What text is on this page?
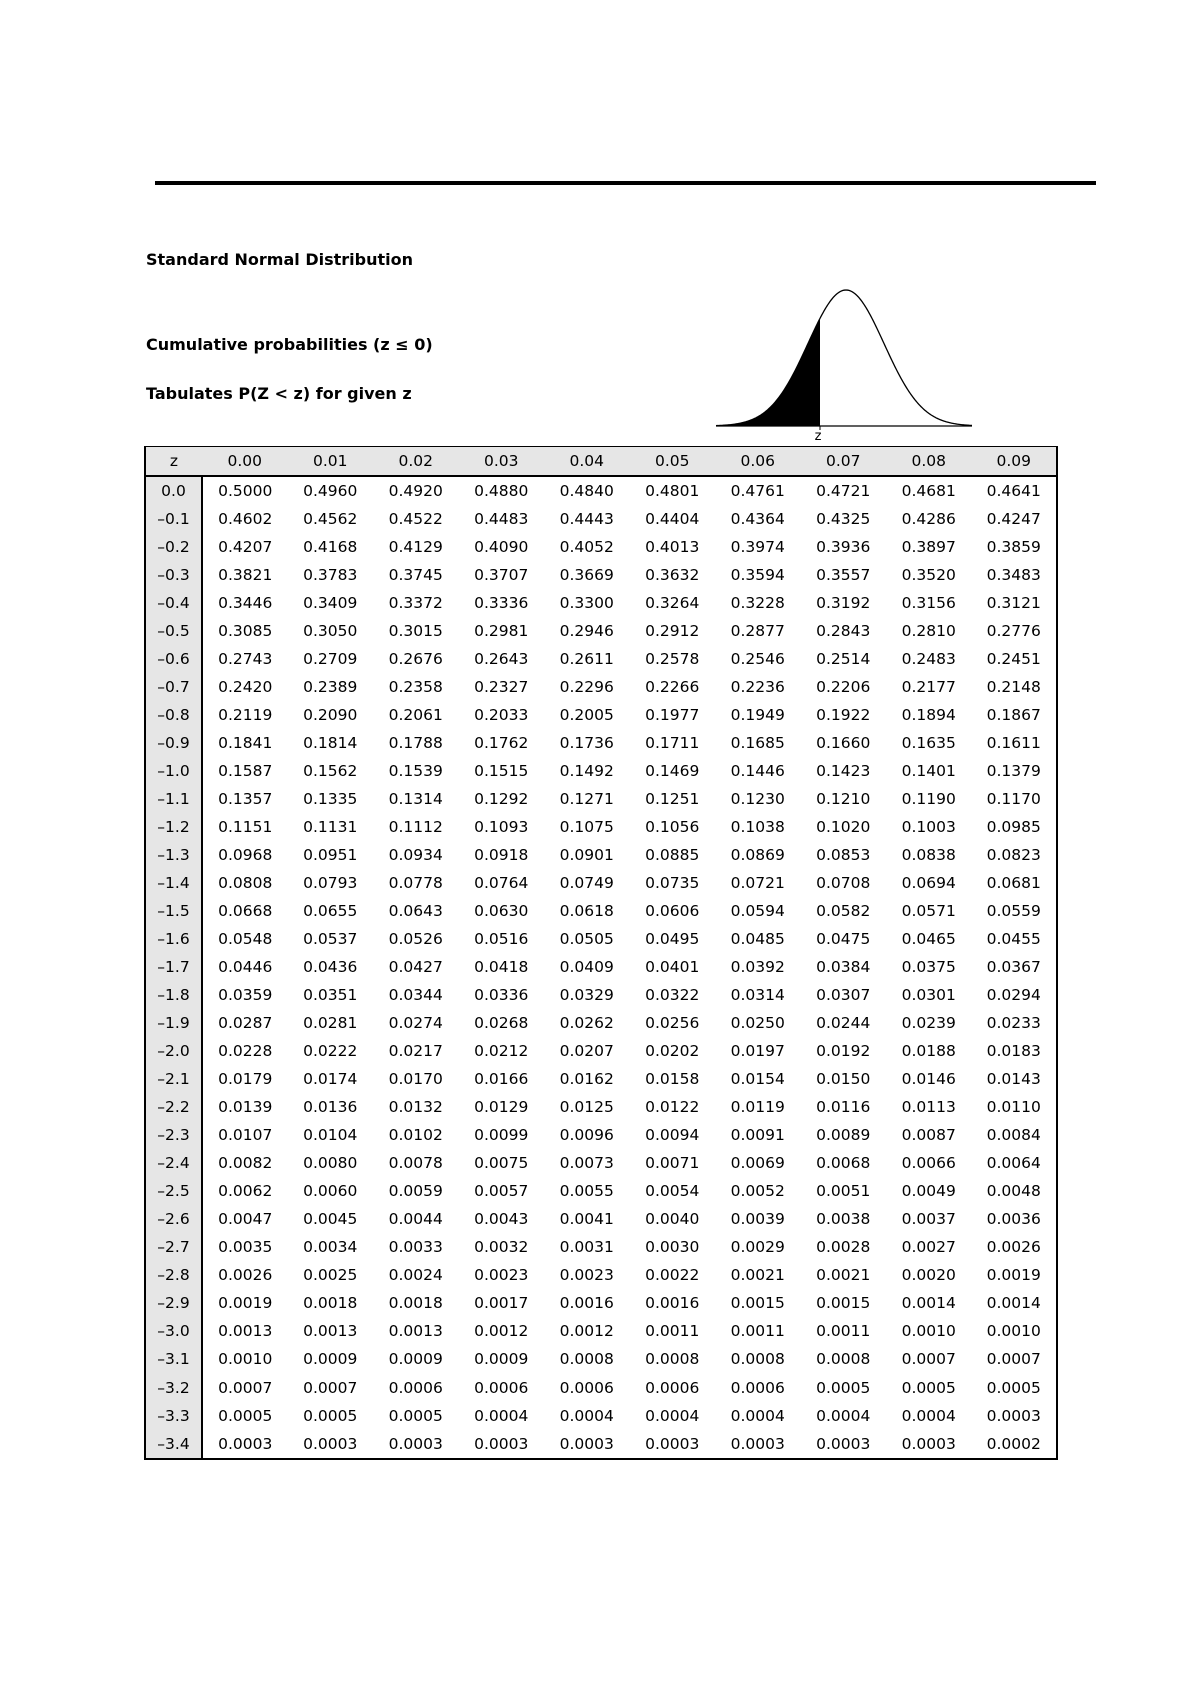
Standard Normal Distribution

Cumulative probabilities (z ≤ 0)

Tabulates P(Z < z) for given z

z
z	0.00	0.01	0.02	0.03	0.04	0.05	0.06	0.07	0.08	0.09
0.0	0.5000	0.4960	0.4920	0.4880	0.4840	0.4801	0.4761	0.4721	0.4681	0.4641
–0.1	0.4602	0.4562	0.4522	0.4483	0.4443	0.4404	0.4364	0.4325	0.4286	0.4247
–0.2	0.4207	0.4168	0.4129	0.4090	0.4052	0.4013	0.3974	0.3936	0.3897	0.3859
–0.3	0.3821	0.3783	0.3745	0.3707	0.3669	0.3632	0.3594	0.3557	0.3520	0.3483
–0.4	0.3446	0.3409	0.3372	0.3336	0.3300	0.3264	0.3228	0.3192	0.3156	0.3121
–0.5	0.3085	0.3050	0.3015	0.2981	0.2946	0.2912	0.2877	0.2843	0.2810	0.2776
–0.6	0.2743	0.2709	0.2676	0.2643	0.2611	0.2578	0.2546	0.2514	0.2483	0.2451
–0.7	0.2420	0.2389	0.2358	0.2327	0.2296	0.2266	0.2236	0.2206	0.2177	0.2148
–0.8	0.2119	0.2090	0.2061	0.2033	0.2005	0.1977	0.1949	0.1922	0.1894	0.1867
–0.9	0.1841	0.1814	0.1788	0.1762	0.1736	0.1711	0.1685	0.1660	0.1635	0.1611
–1.0	0.1587	0.1562	0.1539	0.1515	0.1492	0.1469	0.1446	0.1423	0.1401	0.1379
–1.1	0.1357	0.1335	0.1314	0.1292	0.1271	0.1251	0.1230	0.1210	0.1190	0.1170
–1.2	0.1151	0.1131	0.1112	0.1093	0.1075	0.1056	0.1038	0.1020	0.1003	0.0985
–1.3	0.0968	0.0951	0.0934	0.0918	0.0901	0.0885	0.0869	0.0853	0.0838	0.0823
–1.4	0.0808	0.0793	0.0778	0.0764	0.0749	0.0735	0.0721	0.0708	0.0694	0.0681
–1.5	0.0668	0.0655	0.0643	0.0630	0.0618	0.0606	0.0594	0.0582	0.0571	0.0559
–1.6	0.0548	0.0537	0.0526	0.0516	0.0505	0.0495	0.0485	0.0475	0.0465	0.0455
–1.7	0.0446	0.0436	0.0427	0.0418	0.0409	0.0401	0.0392	0.0384	0.0375	0.0367
–1.8	0.0359	0.0351	0.0344	0.0336	0.0329	0.0322	0.0314	0.0307	0.0301	0.0294
–1.9	0.0287	0.0281	0.0274	0.0268	0.0262	0.0256	0.0250	0.0244	0.0239	0.0233
–2.0	0.0228	0.0222	0.0217	0.0212	0.0207	0.0202	0.0197	0.0192	0.0188	0.0183
–2.1	0.0179	0.0174	0.0170	0.0166	0.0162	0.0158	0.0154	0.0150	0.0146	0.0143
–2.2	0.0139	0.0136	0.0132	0.0129	0.0125	0.0122	0.0119	0.0116	0.0113	0.0110
–2.3	0.0107	0.0104	0.0102	0.0099	0.0096	0.0094	0.0091	0.0089	0.0087	0.0084
–2.4	0.0082	0.0080	0.0078	0.0075	0.0073	0.0071	0.0069	0.0068	0.0066	0.0064
–2.5	0.0062	0.0060	0.0059	0.0057	0.0055	0.0054	0.0052	0.0051	0.0049	0.0048
–2.6	0.0047	0.0045	0.0044	0.0043	0.0041	0.0040	0.0039	0.0038	0.0037	0.0036
–2.7	0.0035	0.0034	0.0033	0.0032	0.0031	0.0030	0.0029	0.0028	0.0027	0.0026
–2.8	0.0026	0.0025	0.0024	0.0023	0.0023	0.0022	0.0021	0.0021	0.0020	0.0019
–2.9	0.0019	0.0018	0.0018	0.0017	0.0016	0.0016	0.0015	0.0015	0.0014	0.0014
–3.0	0.0013	0.0013	0.0013	0.0012	0.0012	0.0011	0.0011	0.0011	0.0010	0.0010
–3.1	0.0010	0.0009	0.0009	0.0009	0.0008	0.0008	0.0008	0.0008	0.0007	0.0007
–3.2	0.0007	0.0007	0.0006	0.0006	0.0006	0.0006	0.0006	0.0005	0.0005	0.0005
–3.3	0.0005	0.0005	0.0005	0.0004	0.0004	0.0004	0.0004	0.0004	0.0004	0.0003
–3.4	0.0003	0.0003	0.0003	0.0003	0.0003	0.0003	0.0003	0.0003	0.0003	0.0002
